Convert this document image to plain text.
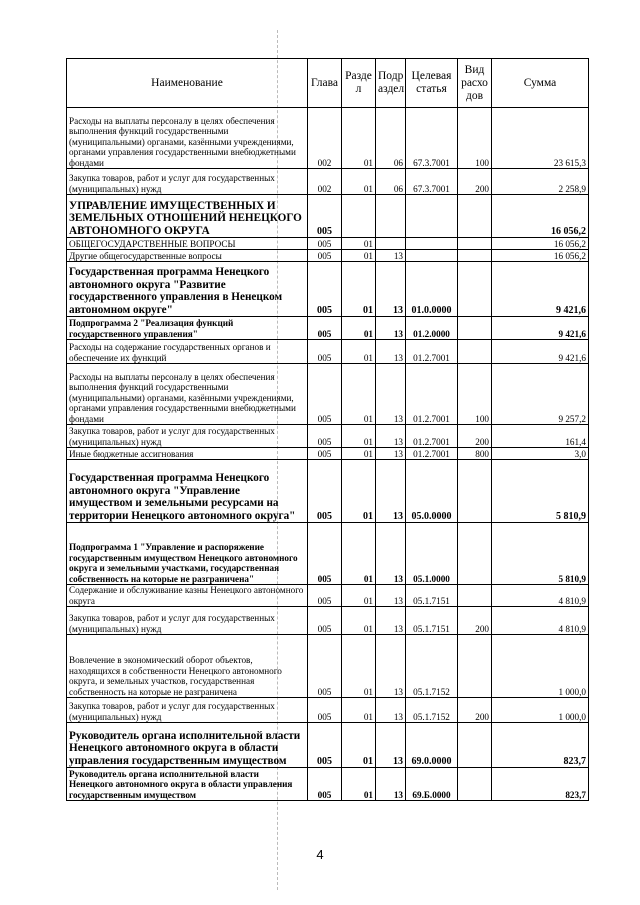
Наименование	Глава	Разде л	Подр аздел	Целевая статья	Вид расхо дов	Сумма
Расходы на выплаты персоналу в целях обеспечения выполнения функций государственными (муниципальными) органами, казёнными учреждениями, органами управления государственными внебюджетными фондами	002	01	06	67.3.7001	100	23 615,3
Закупка товаров, работ и услуг для государственных (муниципальных) нужд	002	01	06	67.3.7001	200	2 258,9
УПРАВЛЕНИЕ ИМУЩЕСТВЕННЫХ И ЗЕМЕЛЬНЫХ ОТНОШЕНИЙ НЕНЕЦКОГО АВТОНОМНОГО ОКРУГА	005					16 056,2
ОБЩЕГОСУДАРСТВЕННЫЕ ВОПРОСЫ	005	01				16 056,2
Другие общегосударственные вопросы	005	01	13			16 056,2
Государственная программа Ненецкого автономного округа "Развитие государственного управления в Ненецком автономном округе"	005	01	13	01.0.0000		9 421,6
Подпрограмма 2 "Реализация функций государственного управления"	005	01	13	01.2.0000		9 421,6
Расходы на содержание государственных органов и обеспечение их функций	005	01	13	01.2.7001		9 421,6
Расходы на выплаты персоналу в целях обеспечения выполнения функций государственными (муниципальными) органами, казёнными учреждениями, органами управления государственными внебюджетными фондами	005	01	13	01.2.7001	100	9 257,2
Закупка товаров, работ и услуг для государственных (муниципальных) нужд	005	01	13	01.2.7001	200	161,4
Иные бюджетные ассигнования	005	01	13	01.2.7001	800	3,0
Государственная программа Ненецкого автономного округа "Управление имуществом и земельными ресурсами на территории Ненецкого автономного округа"	005	01	13	05.0.0000		5 810,9
Подпрограмма 1 "Управление и распоряжение государственным имуществом Ненецкого автономного округа и земельными участками, государственная собственность на которые не разграничена"	005	01	13	05.1.0000		5 810,9
Содержание и обслуживание казны Ненецкого автономного округа	005	01	13	05.1.7151		4 810,9
Закупка товаров, работ и услуг для государственных (муниципальных) нужд	005	01	13	05.1.7151	200	4 810,9
Вовлечение в экономический оборот объектов, находящихся в собственности Ненецкого автономного округа, и земельных участков, государственная собственность на которые не разграничена	005	01	13	05.1.7152		1 000,0
Закупка товаров, работ и услуг для государственных (муниципальных) нужд	005	01	13	05.1.7152	200	1 000,0
Руководитель органа исполнительной власти Ненецкого автономного округа в области управления государственным имуществом	005	01	13	69.0.0000		823,7
Руководитель органа исполнительной власти Ненецкого автономного округа в области управления государственным имуществом	005	01	13	69.Б.0000		823,7
4
